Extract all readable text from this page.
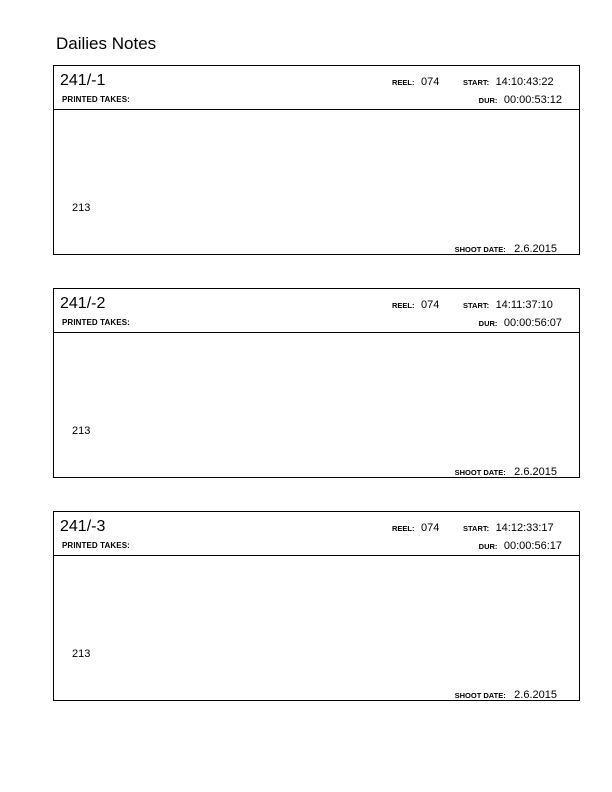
Dailies Notes
241/-1
PRINTED TAKES:
REEL: 074	START: 14:10:43:22
DUR: 00:00:53:12
213
SHOOT DATE: 2.6.2015
241/-2
PRINTED TAKES:
REEL: 074	START: 14:11:37:10
DUR: 00:00:56:07
213
SHOOT DATE: 2.6.2015
241/-3
PRINTED TAKES:
REEL: 074	START: 14:12:33:17
DUR: 00:00:56:17
213
SHOOT DATE: 2.6.2015
